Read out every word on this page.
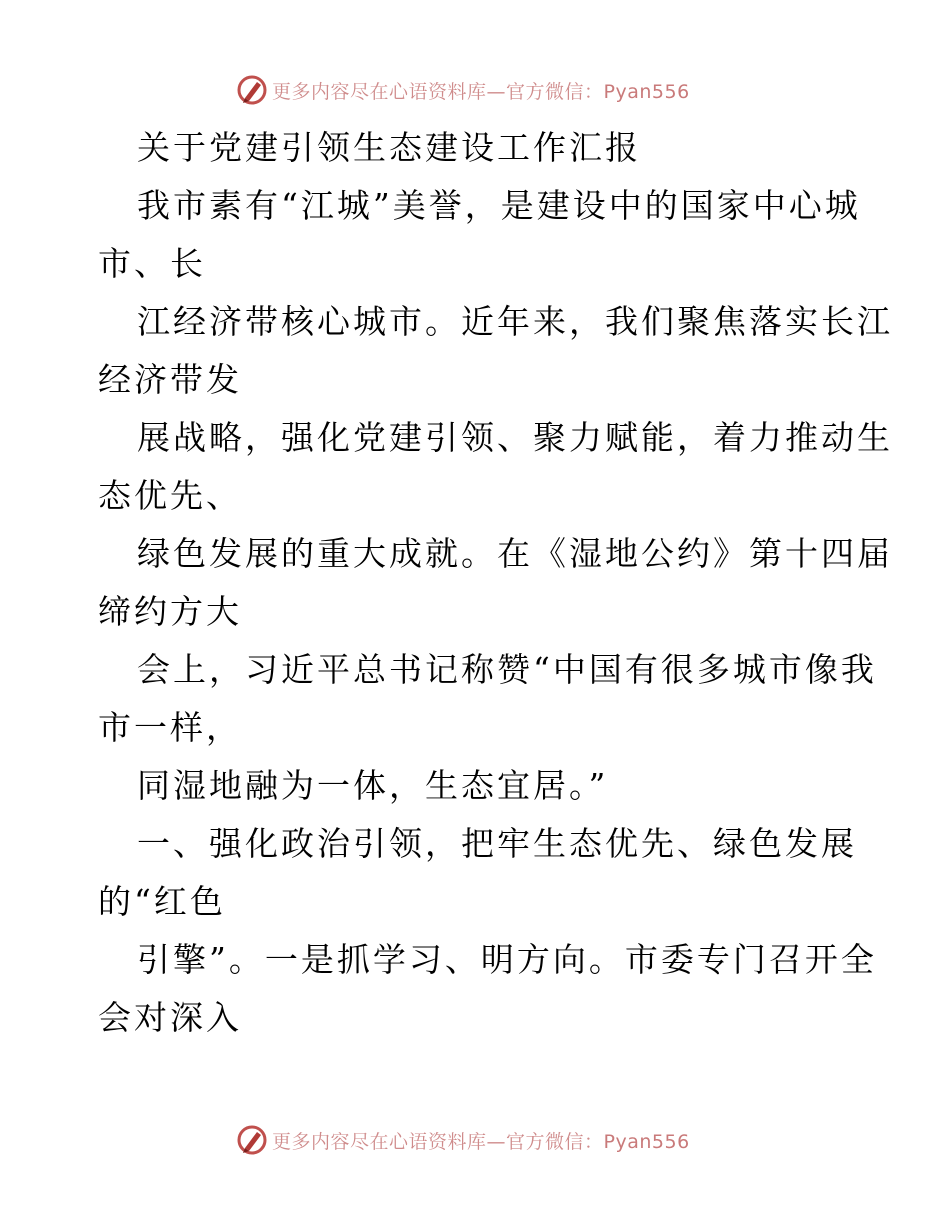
更多内容尽在心语资料库—官方微信：Pyan556
关于党建引领生态建设工作汇报
我市素有“江城”美誉，是建设中的国家中心城
市、长
江经济带核心城市。近年来，我们聚焦落实长江
经济带发
展战略，强化党建引领、聚力赋能，着力推动生
态优先、
绿色发展的重大成就。在《湿地公约》第十四届
缔约方大
会上，习近平总书记称赞“中国有很多城市像我
市一样，
同湿地融为一体，生态宜居。”
一、强化政治引领，把牢生态优先、绿色发展
的“红色
引擎”。一是抓学习、明方向。市委专门召开全
会对深入
更多内容尽在心语资料库—官方微信：Pyan556
